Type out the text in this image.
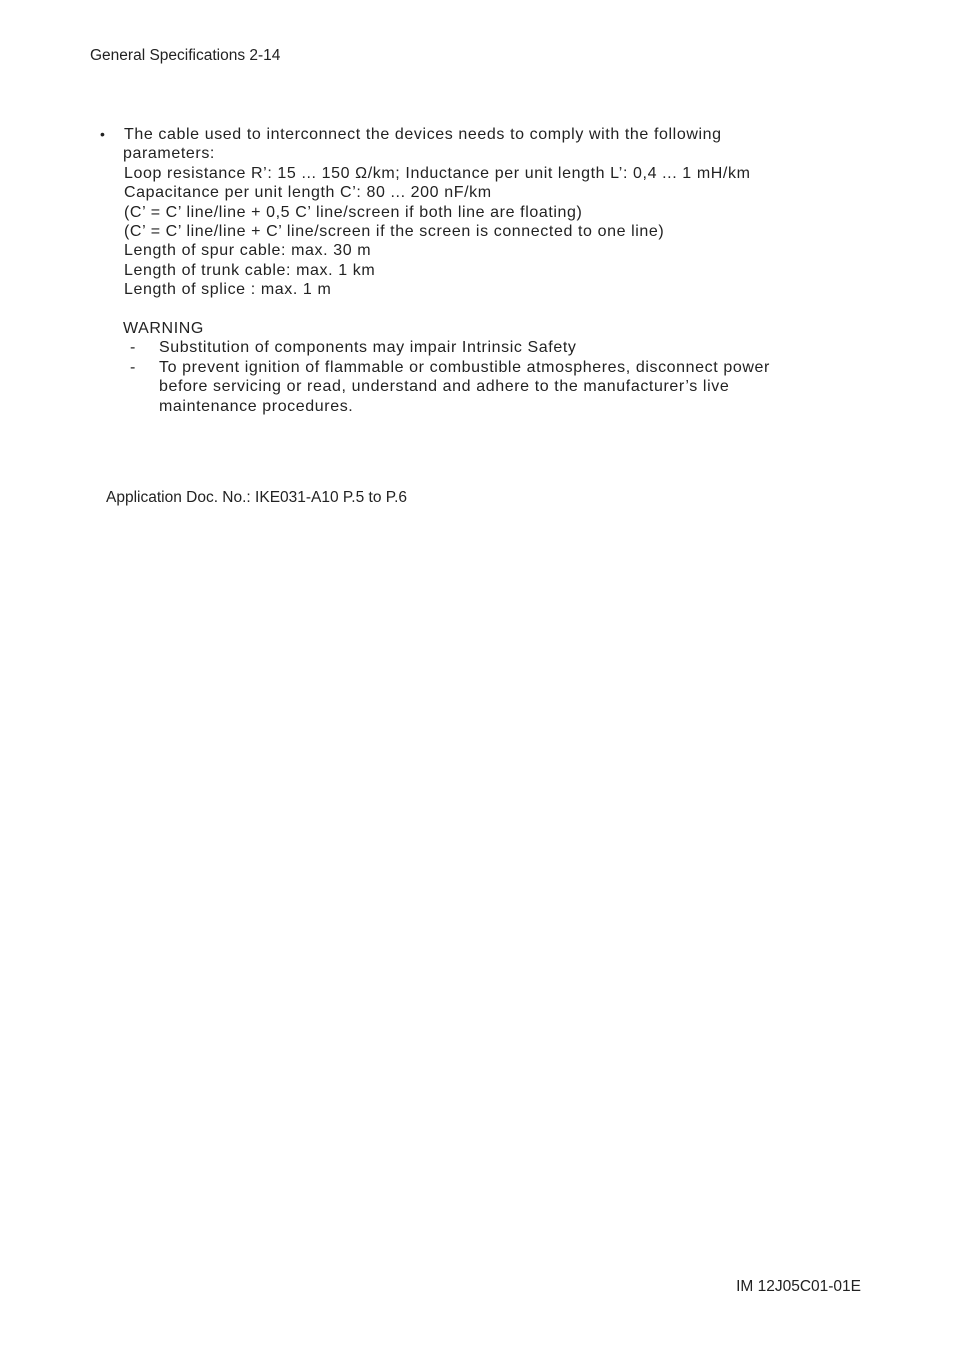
General Specifications 2-14
• The cable used to interconnect the devices needs to comply with the following
parameters:
Loop resistance R’: 15 ... 150 Ω/km; Inductance per unit length L’: 0,4 ... 1 mH/km
Capacitance per unit length C’: 80 ... 200 nF/km
(C’ = C’ line/line + 0,5 C’ line/screen if both line are floating)
(C’ = C’ line/line + C’ line/screen if the screen is connected to one line)
Length of spur cable: max. 30 m
Length of trunk cable: max. 1 km
Length of splice : max. 1 m
WARNING
- Substitution of components may impair Intrinsic Safety
- To prevent ignition of flammable or combustible atmospheres, disconnect power
before servicing or read, understand and adhere to the manufacturer’s live
maintenance procedures.
Application Doc. No.: IKE031-A10 P.5 to P.6
IM 12J05C01-01E
